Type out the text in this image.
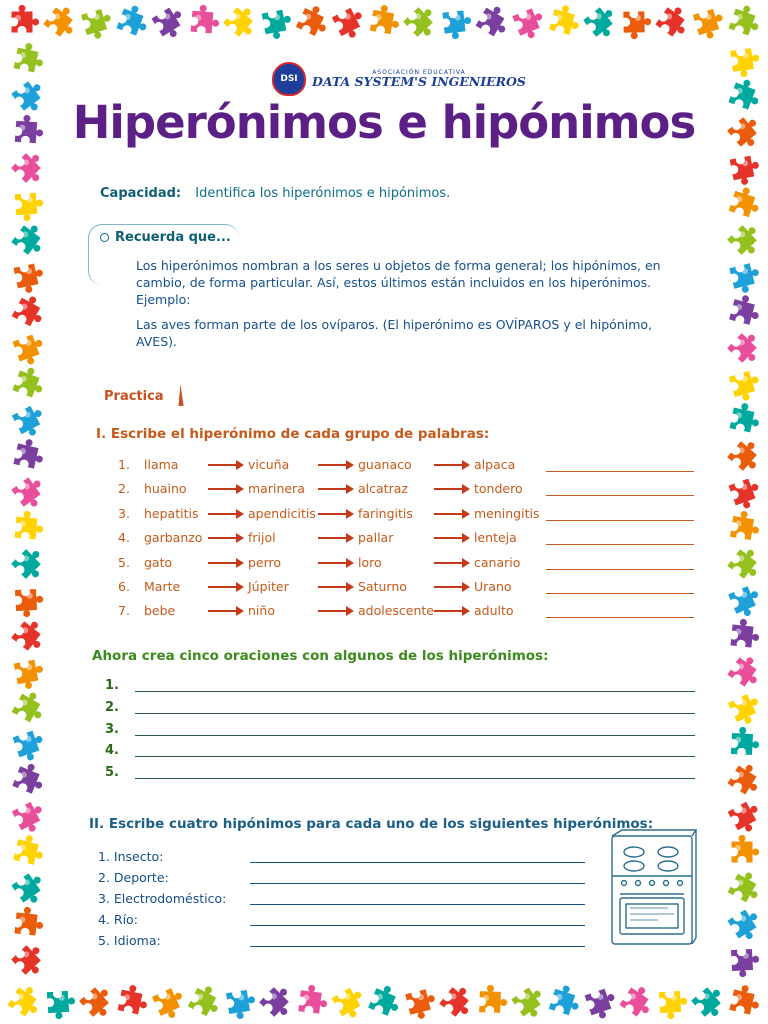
DSI
ASOCIACIÓN EDUCATIVA
DATA SYSTEM'S INGENIEROS
Hiperónimos e hipónimos
Capacidad: Identifica los hiperónimos e hipónimos.
Recuerda que...
Los hiperónimos nombran a los seres u objetos de forma general; los hipónimos, en cambio, de forma particular. Así, estos últimos están incluidos en los hiperónimos. Ejemplo:
Las aves forman parte de los ovíparos. (El hiperónimo es OVÍPAROS y el hipónimo, AVES).
Practica
I. Escribe el hiperónimo de cada grupo de palabras:
1. llama	vicuña	guanaco	alpaca
2. huaino	marinera	alcatraz	tondero
3. hepatitis	apendicitis	faringitis	meningitis
4. garbanzo	frijol	pallar	lenteja
5. gato	perro	loro	canario
6. Marte	Júpiter	Saturno	Urano
7. bebe	niño	adolescente	adulto
Ahora crea cinco oraciones con algunos de los hiperónimos:
1.
2.
3.
4.
5.
II. Escribe cuatro hipónimos para cada uno de los siguientes hiperónimos:
1. Insecto:
2. Deporte:
3. Electrodoméstico:
4. Río:
5. Idioma:
